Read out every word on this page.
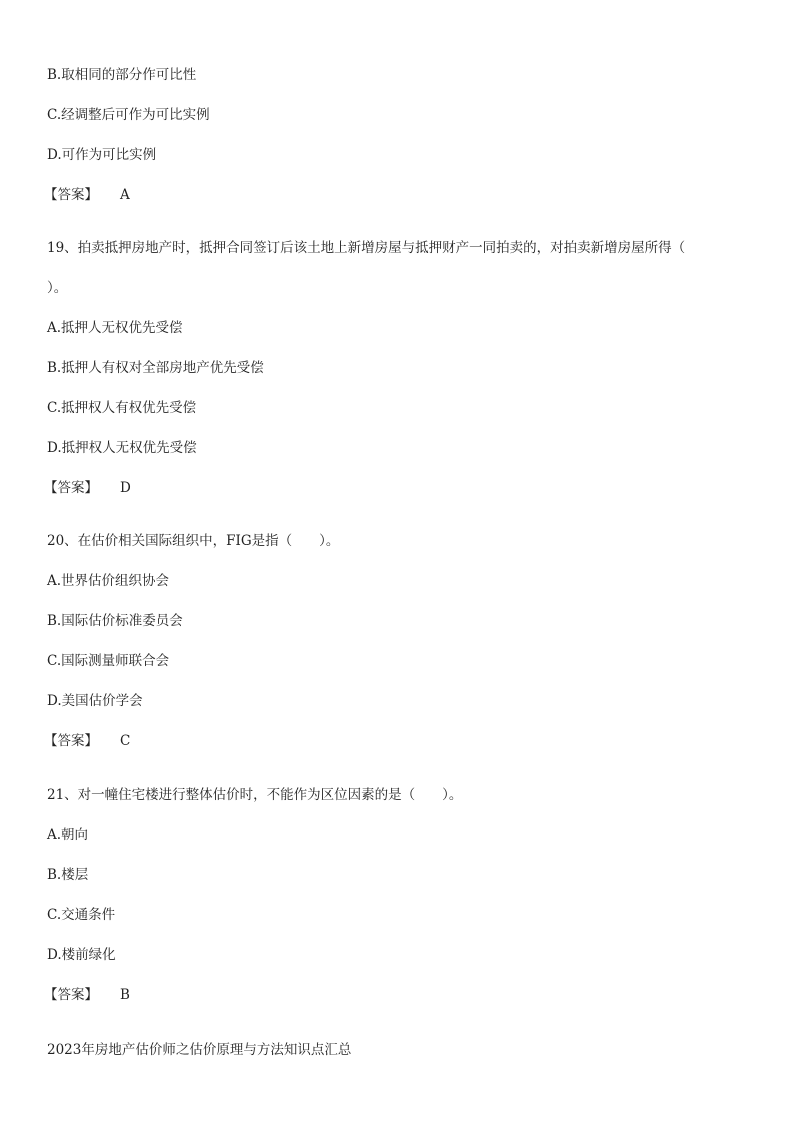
B.取相同的部分作可比性
C.经调整后可作为可比实例
D.可作为可比实例
【答案】 A
19、拍卖抵押房地产时，抵押合同签订后该土地上新增房屋与抵押财产一同拍卖的，对拍卖新增房屋所得（
）。
A.抵押人无权优先受偿
B.抵押人有权对全部房地产优先受偿
C.抵押权人有权优先受偿
D.抵押权人无权优先受偿
【答案】 D
20、在估价相关国际组织中，FIG是指（　　）。
A.世界估价组织协会
B.国际估价标准委员会
C.国际测量师联合会
D.美国估价学会
【答案】 C
21、对一幢住宅楼进行整体估价时，不能作为区位因素的是（　　）。
A.朝向
B.楼层
C.交通条件
D.楼前绿化
【答案】 B
2023年房地产估价师之估价原理与方法知识点汇总
